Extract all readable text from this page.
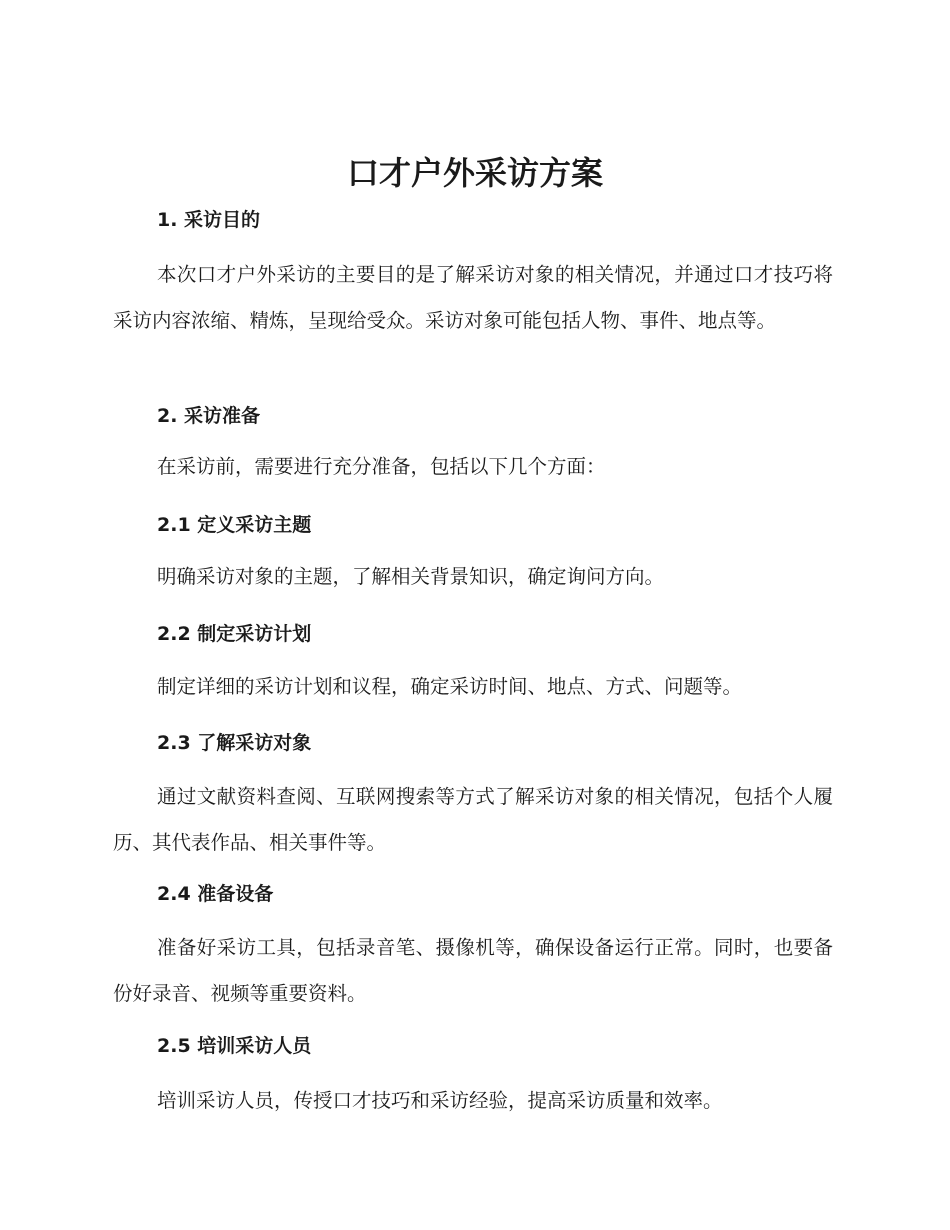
口才户外采访方案
1. 采访目的

本次口才户外采访的主要目的是了解采访对象的相关情况，并通过口才技巧将采访内容浓缩、精炼，呈现给受众。采访对象可能包括人物、事件、地点等。

2. 采访准备

在采访前，需要进行充分准备，包括以下几个方面：

2.1 定义采访主题

明确采访对象的主题，了解相关背景知识，确定询问方向。

2.2 制定采访计划

制定详细的采访计划和议程，确定采访时间、地点、方式、问题等。

2.3 了解采访对象

通过文献资料查阅、互联网搜索等方式了解采访对象的相关情况，包括个人履历、其代表作品、相关事件等。

2.4 准备设备

准备好采访工具，包括录音笔、摄像机等，确保设备运行正常。同时，也要备份好录音、视频等重要资料。

2.5 培训采访人员

培训采访人员，传授口才技巧和采访经验，提高采访质量和效率。
